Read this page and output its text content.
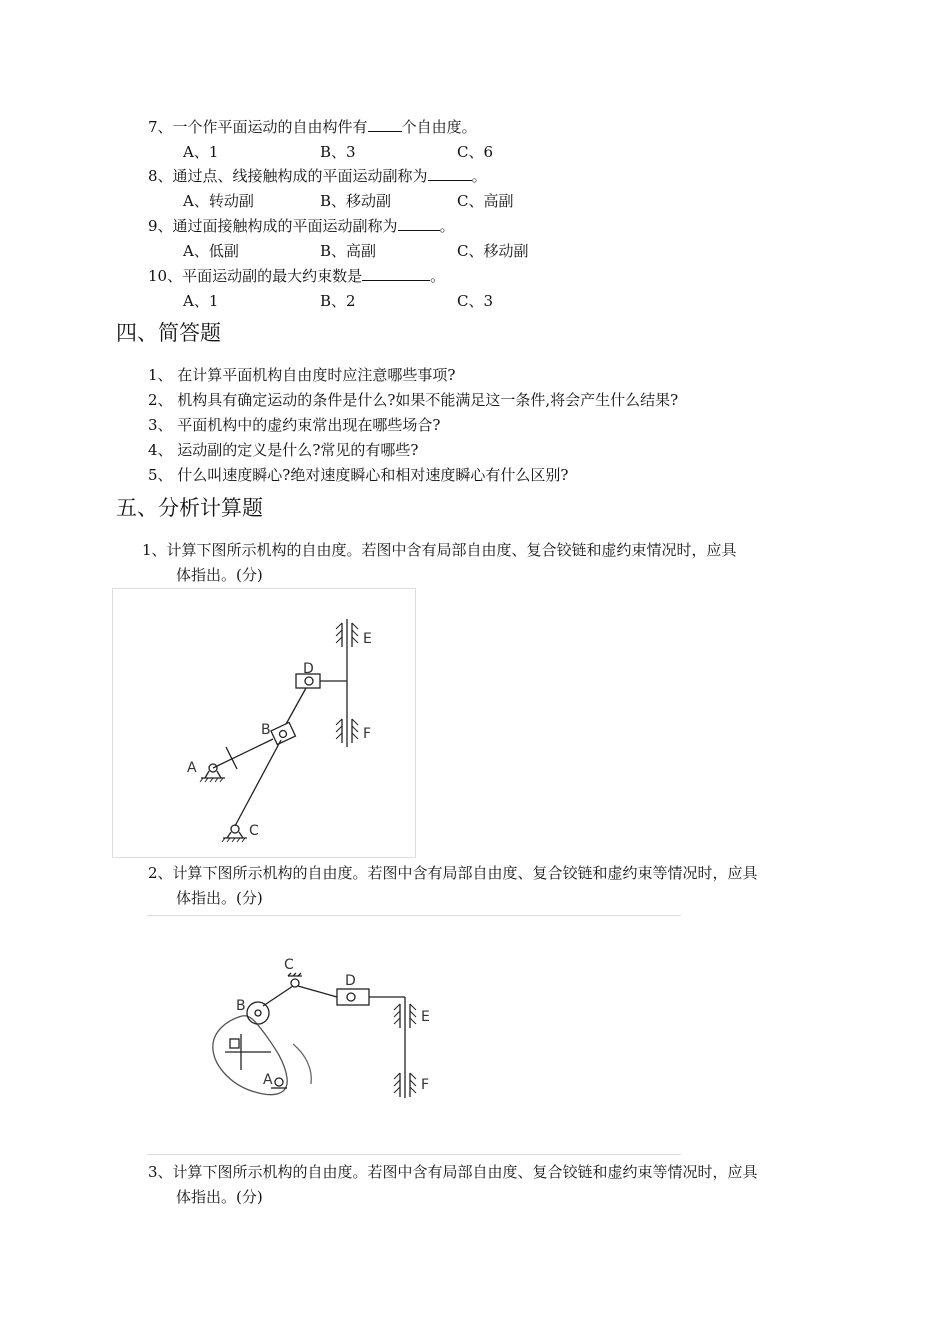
7、一个作平面运动的自由构件有 个自由度。
A、1	B、3	C、6
8、通过点、线接触构成的平面运动副称为	。
A、转动副	B、移动副	C、高副
9、通过面接触构成的平面运动副称为	。
A、低副	B、高副	C、移动副
10、平面运动副的最大约束数是	。
A、1	B、2	C、3
四、简答题
1、 在计算平面机构自由度时应注意哪些事项?
2、 机构具有确定运动的条件是什么?如果不能满足这一条件,将会产生什么结果?
3、 平面机构中的虚约束常出现在哪些场合?
4、 运动副的定义是什么?常见的有哪些?
5、 什么叫速度瞬心?绝对速度瞬心和相对速度瞬心有什么区别?
五、分析计算题
1、计算下图所示机构的自由度。若图中含有局部自由度、复合铰链和虚约束情况时，应具
体指出。(分)
D
E
F
B
A
C
2、计算下图所示机构的自由度。若图中含有局部自由度、复合铰链和虚约束等情况时，应具
体指出。(分)
C
D
B
E
F
A
3、计算下图所示机构的自由度。若图中含有局部自由度、复合铰链和虚约束等情况时，应具
体指出。(分)
